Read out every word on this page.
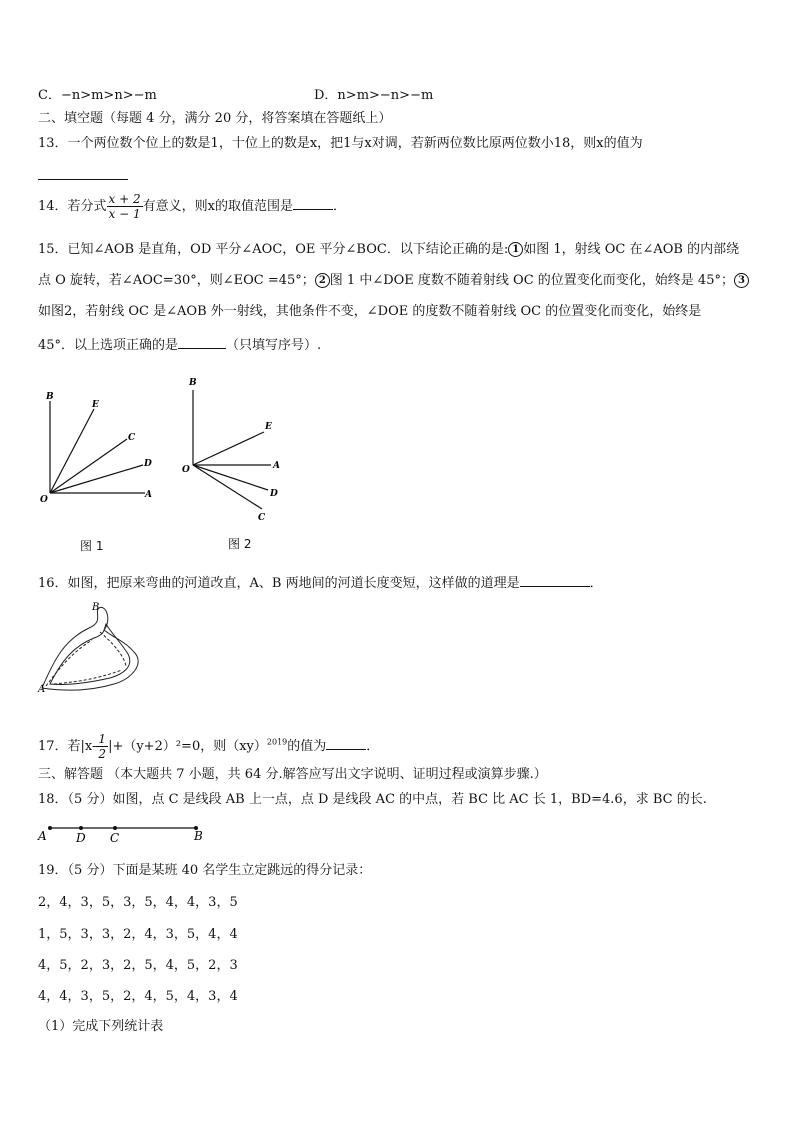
C．−n>m>n>−m	D．n>m>−n>−m
二、填空题（每题 4 分，满分 20 分，将答案填在答题纸上）
13．一个两位数个位上的数是1，十位上的数是x，把1与x对调，若新两位数比原两位数小18，则x的值为
14．若分式 $\frac{x + 2}{x - 1}$ 有意义，则x的取值范围是	．
15．已知∠AOB 是直角，OD 平分∠AOC，OE 平分∠BOC．以下结论正确的是: 1 如图 1，射线 OC 在∠AOB 的内部绕
点 O 旋转，若∠AOC=30°，则∠EOC =45°； 2 图 1 中∠DOE 度数不随着射线 OC 的位置变化而变化，始终是 45°； 3
如图2，若射线 OC 是∠AOB 外一射线，其他条件不变，∠DOE 的度数不随着射线 OC 的位置变化而变化，始终是
45°．以上选项正确的是	（只填写序号）.
B
E
C
D
O	A
图 1
B
E
A
O
D
C
图 2
16．如图，把原来弯曲的河道改直，A、B 两地间的河道长度变短，这样做的道理是	．
B
A
17．若$|x- \frac{1}{2} |+(y+2)^2=0$，则（xy）$^{2019}$的值为	．
三、解答题 （本大题共 7 小题，共 64 分.解答应写出文字说明、证明过程或演算步骤.）
18．（5 分）如图，点 C 是线段 AB 上一点，点 D 是线段 AC 的中点，若 BC 比 AC 长 1，BD=4.6，求 BC 的长.
A D C	B
19．（5 分）下面是某班 40 名学生立定跳远的得分记录：
2，4，3，5，3，5，4，4，3，5
1，5，3，3，2，4，3，5，4，4
4，5，2，3，2，5，4，5，2，3
4，4，3，5，2，4，5，4，3，4
（1）完成下列统计表
